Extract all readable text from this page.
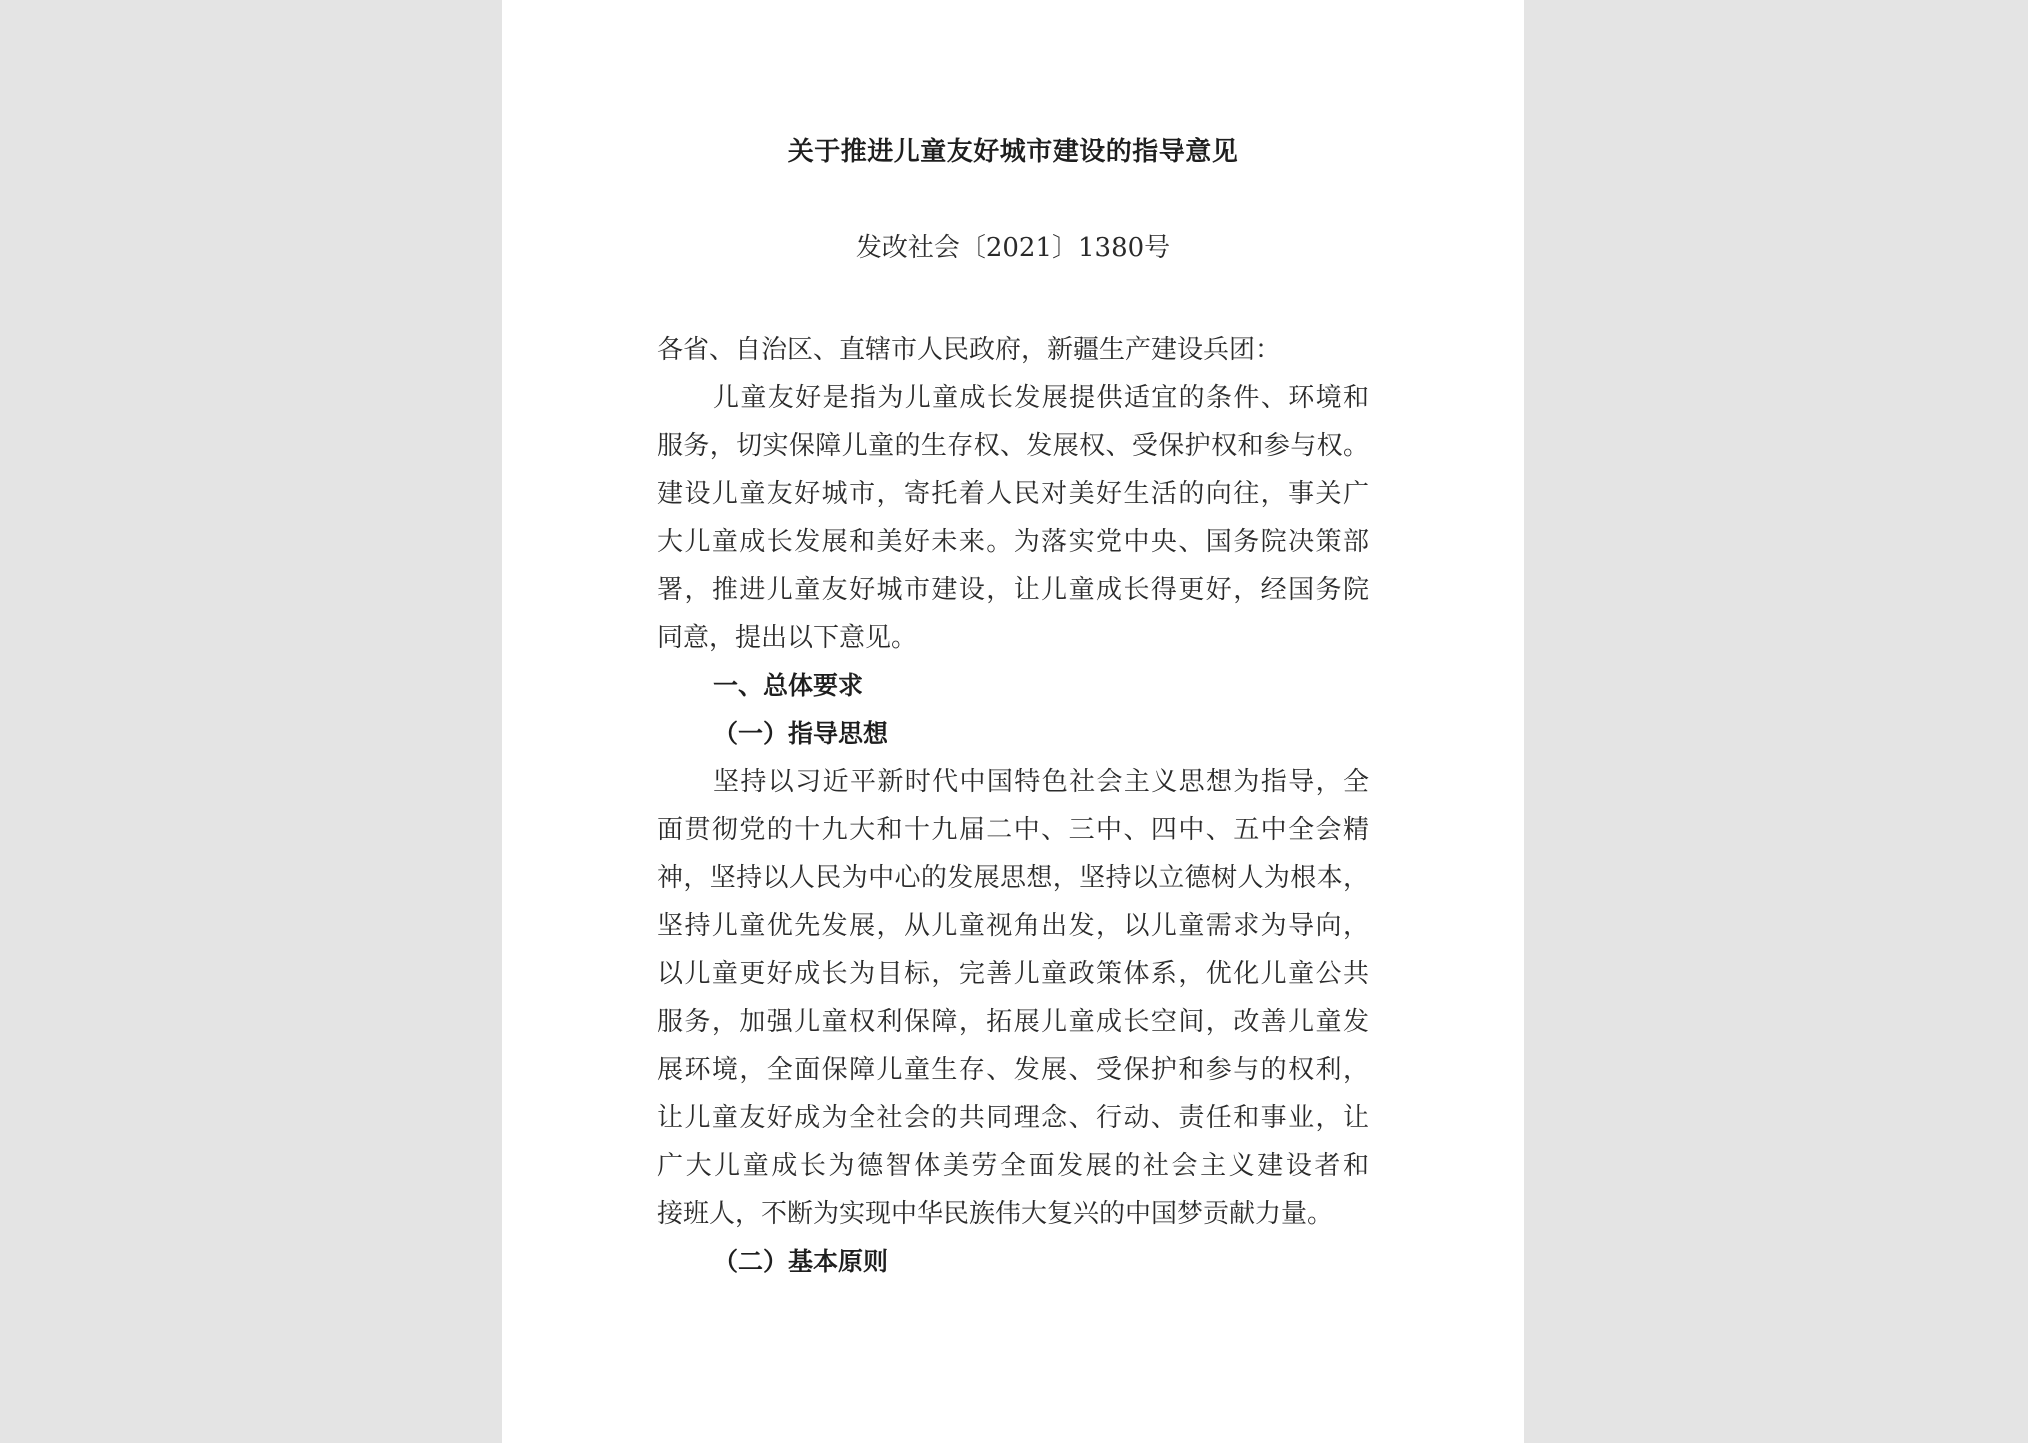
关于推进儿童友好城市建设的指导意见
发改社会〔2021〕1380号
各省、自治区、直辖市人民政府，新疆生产建设兵团：
儿童友好是指为儿童成长发展提供适宜的条件、环境和
服务，切实保障儿童的生存权、发展权、受保护权和参与权。
建设儿童友好城市，寄托着人民对美好生活的向往，事关广
大儿童成长发展和美好未来。为落实党中央、国务院决策部
署，推进儿童友好城市建设，让儿童成长得更好，经国务院
同意，提出以下意见。
一、总体要求
（一）指导思想
坚持以习近平新时代中国特色社会主义思想为指导，全
面贯彻党的十九大和十九届二中、三中、四中、五中全会精
神，坚持以人民为中心的发展思想，坚持以立德树人为根本，
坚持儿童优先发展，从儿童视角出发，以儿童需求为导向，
以儿童更好成长为目标，完善儿童政策体系，优化儿童公共
服务，加强儿童权利保障，拓展儿童成长空间，改善儿童发
展环境，全面保障儿童生存、发展、受保护和参与的权利，
让儿童友好成为全社会的共同理念、行动、责任和事业，让
广大儿童成长为德智体美劳全面发展的社会主义建设者和
接班人，不断为实现中华民族伟大复兴的中国梦贡献力量。
（二）基本原则
